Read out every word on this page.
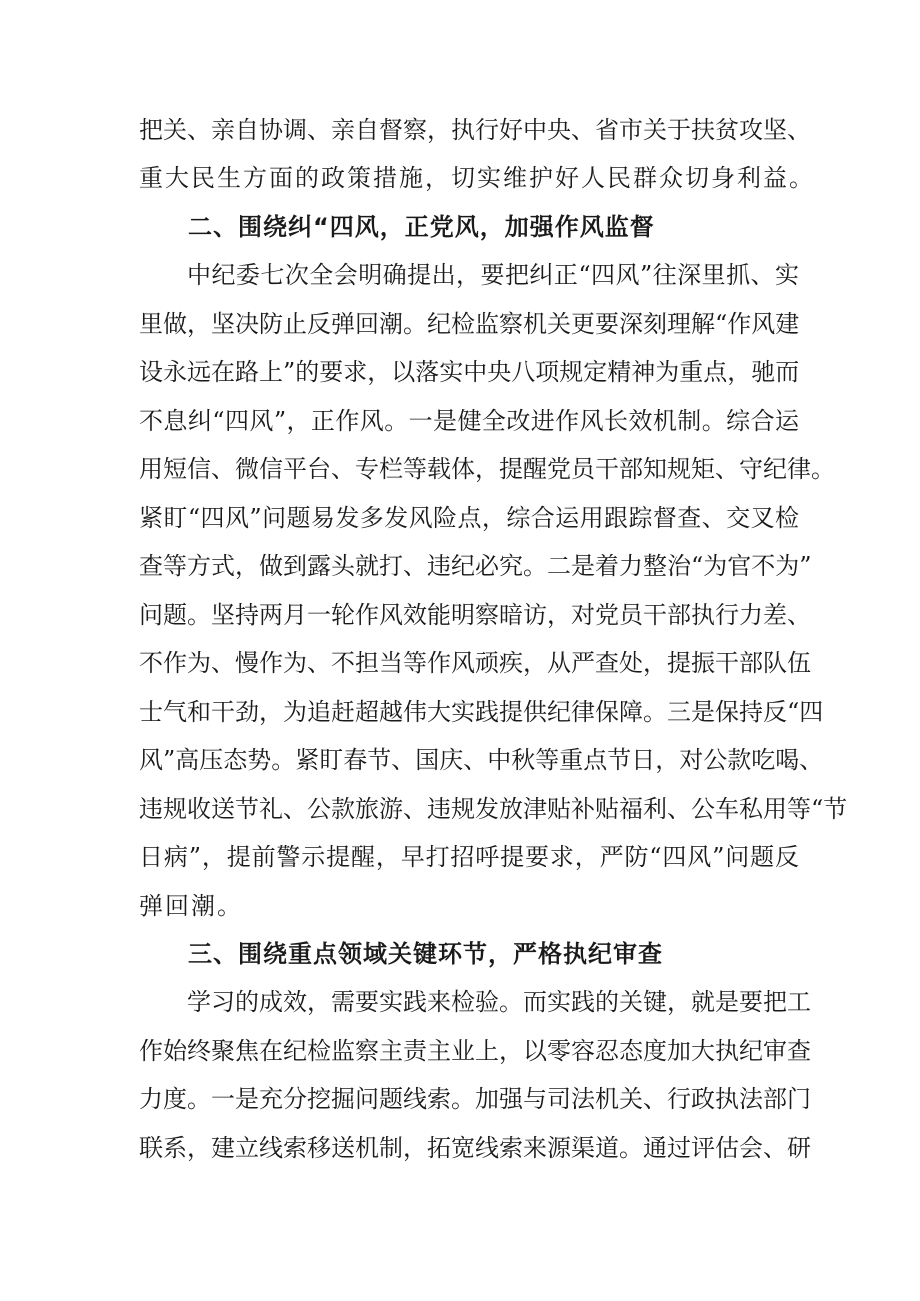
把关、亲自协调、亲自督察，执行好中央、省市关于扶贫攻坚、
重大民生方面的政策措施，切实维护好人民群众切身利益。
二、围绕纠“四风，正党风，加强作风监督
中纪委七次全会明确提出，要把纠正“四风”往深里抓、实
里做，坚决防止反弹回潮。纪检监察机关更要深刻理解“作风建
设永远在路上”的要求，以落实中央八项规定精神为重点，驰而
不息纠“四风”，正作风。一是健全改进作风长效机制。综合运
用短信、微信平台、专栏等载体，提醒党员干部知规矩、守纪律。
紧盯“四风”问题易发多发风险点，综合运用跟踪督查、交叉检
查等方式，做到露头就打、违纪必究。二是着力整治“为官不为”
问题。坚持两月一轮作风效能明察暗访，对党员干部执行力差、
不作为、慢作为、不担当等作风顽疾，从严查处，提振干部队伍
士气和干劲，为追赶超越伟大实践提供纪律保障。三是保持反“四
风”高压态势。紧盯春节、国庆、中秋等重点节日，对公款吃喝、
违规收送节礼、公款旅游、违规发放津贴补贴福利、公车私用等“节
日病”，提前警示提醒，早打招呼提要求，严防“四风”问题反
弹回潮。
三、围绕重点领域关键环节，严格执纪审查
学习的成效，需要实践来检验。而实践的关键，就是要把工
作始终聚焦在纪检监察主责主业上，以零容忍态度加大执纪审查
力度。一是充分挖掘问题线索。加强与司法机关、行政执法部门
联系，建立线索移送机制，拓宽线索来源渠道。通过评估会、研
